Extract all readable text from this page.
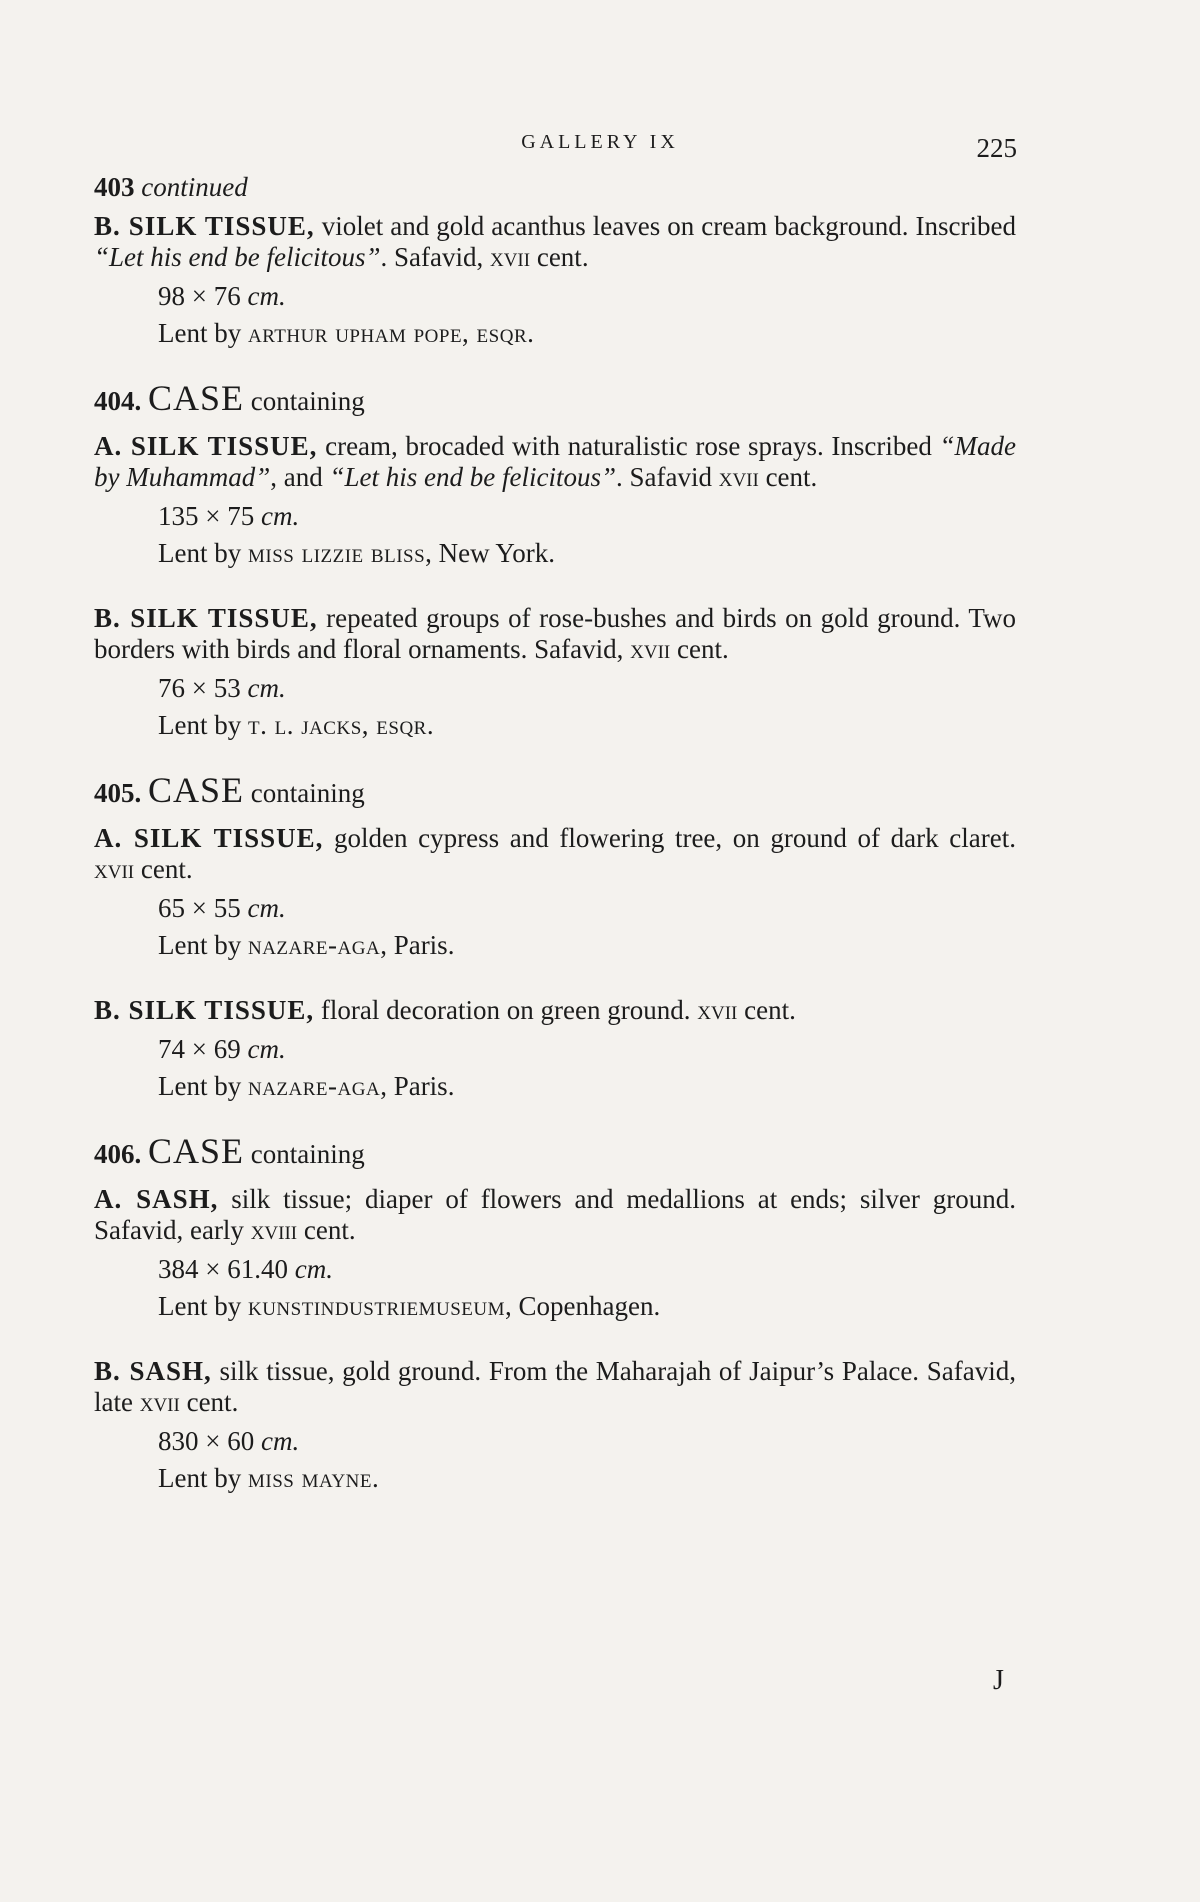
GALLERY IX	225
403 continued
B. SILK TISSUE, violet and gold acanthus leaves on cream background. Inscribed “Let his end be felicitous”. Safavid, xvii cent.
98 × 76 cm.
Lent by arthur upham pope, esqr.
404. CASE containing
A. SILK TISSUE, cream, brocaded with naturalistic rose sprays. Inscribed “Made by Muhammad”, and “Let his end be felicitous”. Safavid xvii cent.
135 × 75 cm.
Lent by miss lizzie bliss, New York.
B. SILK TISSUE, repeated groups of rose-bushes and birds on gold ground. Two borders with birds and floral ornaments. Safavid, xvii cent.
76 × 53 cm.
Lent by t. l. jacks, esqr.
405. CASE containing
A. SILK TISSUE, golden cypress and flowering tree, on ground of dark claret. xvii cent.
65 × 55 cm.
Lent by nazare-aga, Paris.
B. SILK TISSUE, floral decoration on green ground. xvii cent.
74 × 69 cm.
Lent by nazare-aga, Paris.
406. CASE containing
A. SASH, silk tissue; diaper of flowers and medallions at ends; silver ground. Safavid, early xviii cent.
384 × 61.40 cm.
Lent by kunstindustriemuseum, Copenhagen.
B. SASH, silk tissue, gold ground. From the Maharajah of Jaipur’s Palace. Safavid, late xvii cent.
830 × 60 cm.
Lent by miss mayne.
J
